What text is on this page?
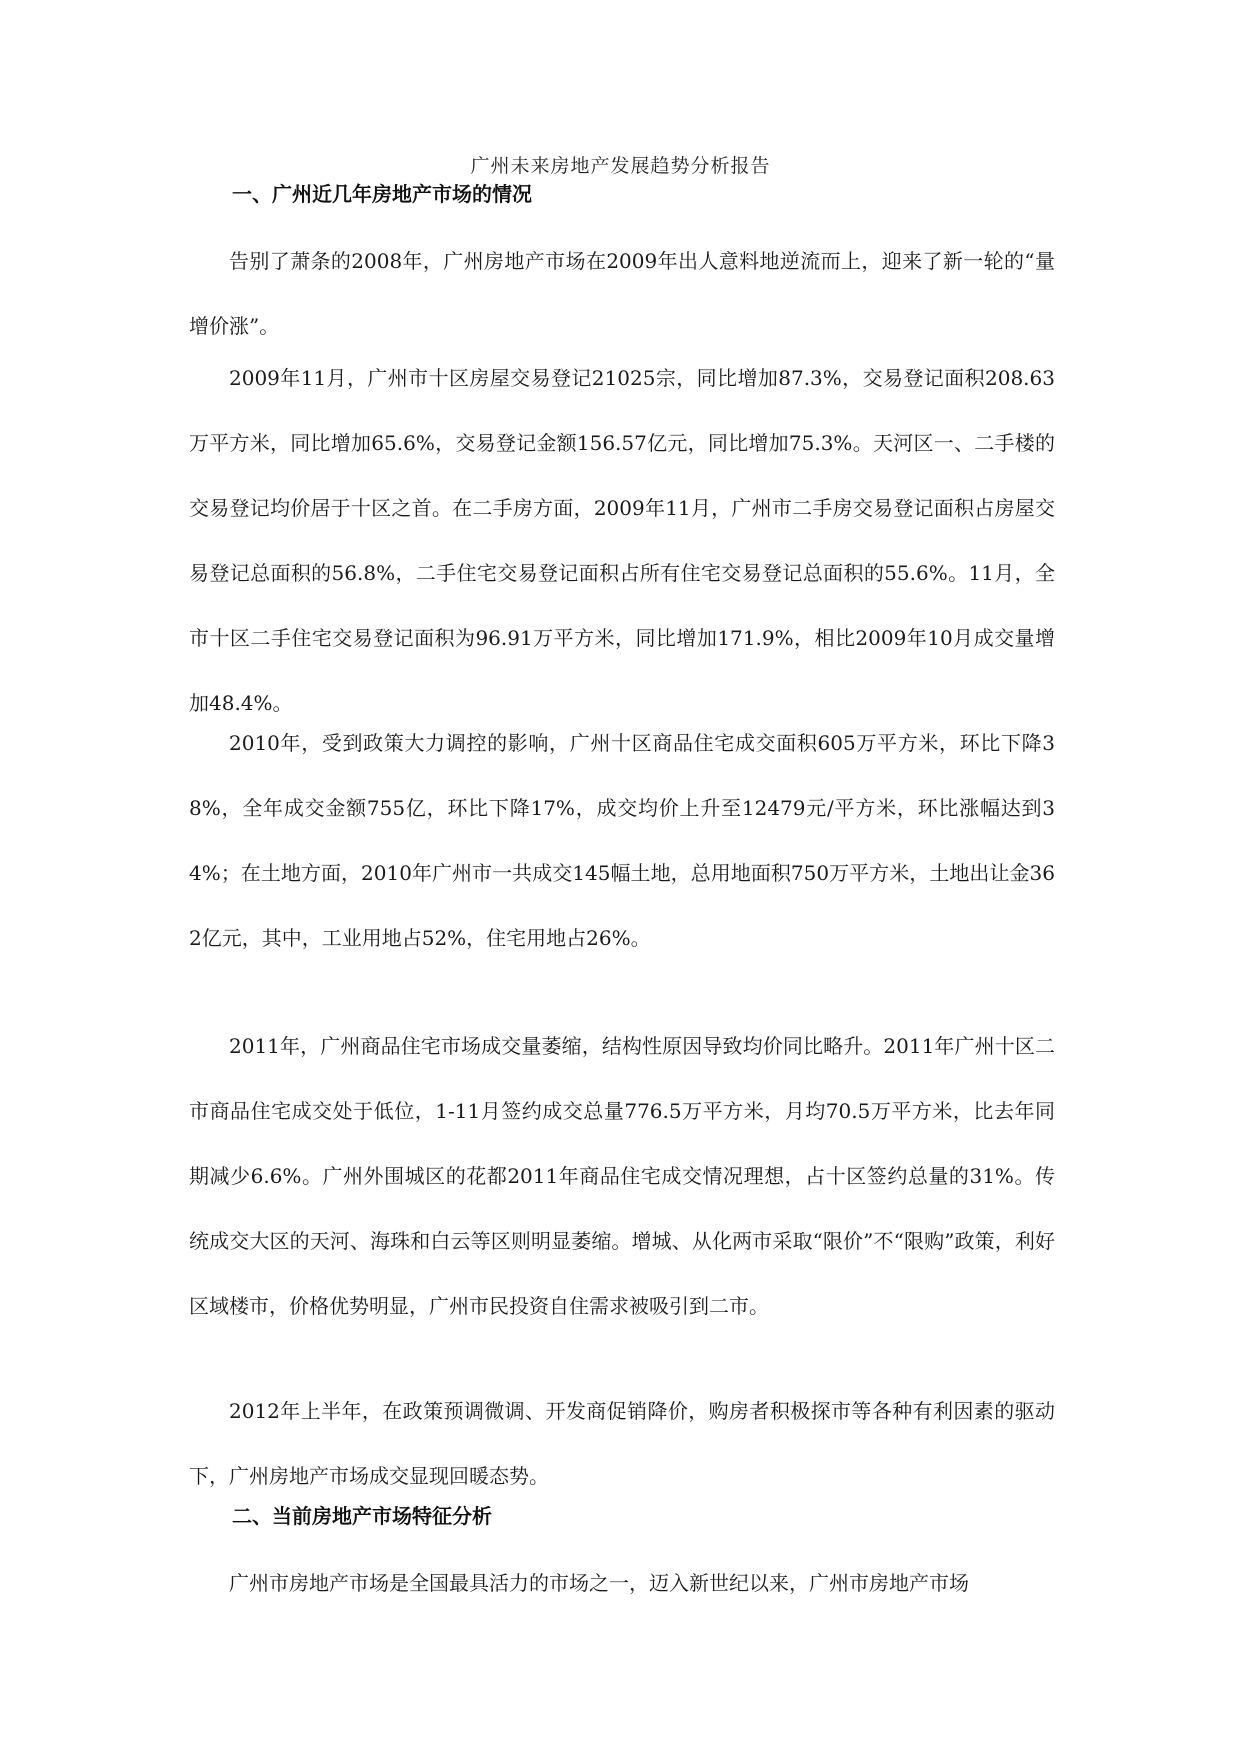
广州未来房地产发展趋势分析报告
一、广州近几年房地产市场的情况
告别了萧条的2008年，广州房地产市场在2009年出人意料地逆流而上，迎来了新一轮的“量增价涨”。
2009年11月，广州市十区房屋交易登记21025宗，同比增加87.3%，交易登记面积208.63万平方米，同比增加65.6%，交易登记金额156.57亿元，同比增加75.3%。天河区一、二手楼的交易登记均价居于十区之首。在二手房方面，2009年11月，广州市二手房交易登记面积占房屋交易登记总面积的56.8%，二手住宅交易登记面积占所有住宅交易登记总面积的55.6%。11月，全市十区二手住宅交易登记面积为96.91万平方米，同比增加171.9%，相比2009年10月成交量增加48.4%。
2010年，受到政策大力调控的影响，广州十区商品住宅成交面积605万平方米，环比下降38%，全年成交金额755亿，环比下降17%，成交均价上升至12479元/平方米，环比涨幅达到34%；在土地方面，2010年广州市一共成交145幅土地，总用地面积750万平方米，土地出让金362亿元，其中，工业用地占52%，住宅用地占26%。
2011年，广州商品住宅市场成交量萎缩，结构性原因导致均价同比略升。2011年广州十区二市商品住宅成交处于低位，1-11月签约成交总量776.5万平方米，月均70.5万平方米，比去年同期减少6.6%。广州外围城区的花都2011年商品住宅成交情况理想，占十区签约总量的31%。传统成交大区的天河、海珠和白云等区则明显萎缩。增城、从化两市采取“限价”不“限购”政策，利好区域楼市，价格优势明显，广州市民投资自住需求被吸引到二市。
2012年上半年，在政策预调微调、开发商促销降价，购房者积极探市等各种有利因素的驱动下，广州房地产市场成交显现回暖态势。
二、当前房地产市场特征分析
广州市房地产市场是全国最具活力的市场之一，迈入新世纪以来，广州市房地产市场
